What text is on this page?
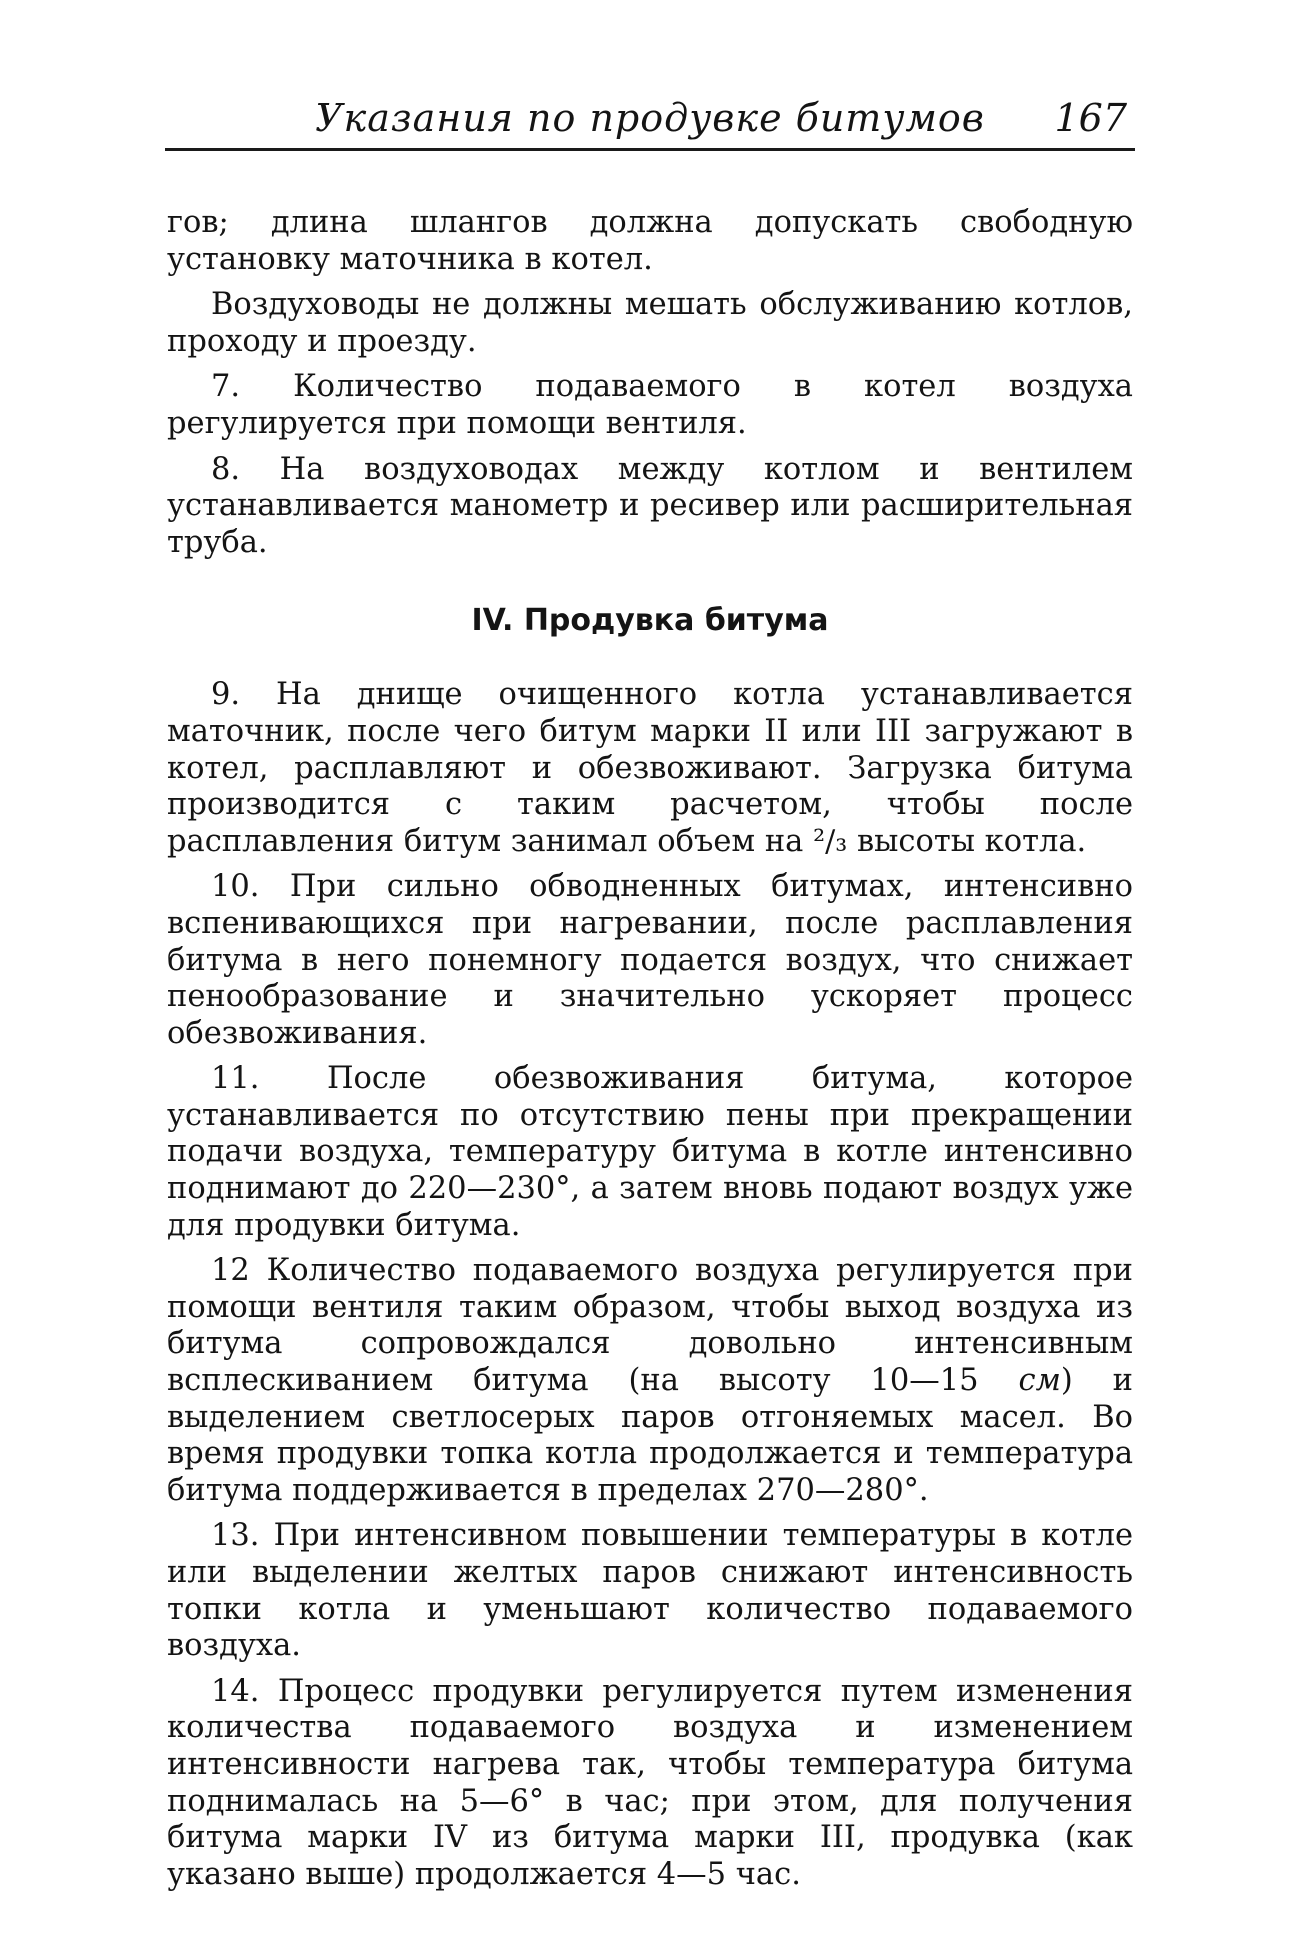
Указания по продувке битумов	167

гов; длина шлангов должна допускать свободную установку маточника в котел.

Воздуховоды не должны мешать обслуживанию котлов, проходу и проезду.

7. Количество подаваемого в котел воздуха регулируется при помощи вентиля.

8. На воздуховодах между котлом и вентилем устанавливается манометр и ресивер или расширительная труба.

IV. Продувка битума

9. На днище очищенного котла устанавливается маточник, после чего битум марки II или III загружают в котел, расплавляют и обезвоживают. Загрузка битума производится с таким расчетом, чтобы после расплавления битум занимал объем на ²/₃ высоты котла.

10. При сильно обводненных битумах, интенсивно вспенивающихся при нагревании, после расплавления битума в него понемногу подается воздух, что снижает пенообразование и значительно ускоряет процесс обезвоживания.

11. После обезвоживания битума, которое устанавливается по отсутствию пены при прекращении подачи воздуха, температуру битума в котле интенсивно поднимают до 220—230°, а затем вновь подают воздух уже для продувки битума.

12 Количество подаваемого воздуха регулируется при помощи вентиля таким образом, чтобы выход воздуха из битума сопровождался довольно интенсивным всплескиванием битума (на высоту 10—15 см) и выделением светлосерых паров отгоняемых масел. Во время продувки топка котла продолжается и температура битума поддерживается в пределах 270—280°.

13. При интенсивном повышении температуры в котле или выделении желтых паров снижают интенсивность топки котла и уменьшают количество подаваемого воздуха.

14. Процесс продувки регулируется путем изменения количества подаваемого воздуха и изменением интенсивности нагрева так, чтобы температура битума поднималась на 5—6° в час; при этом, для получения битума марки IV из битума марки III, продувка (как указано выше) продолжается 4—5 час.
